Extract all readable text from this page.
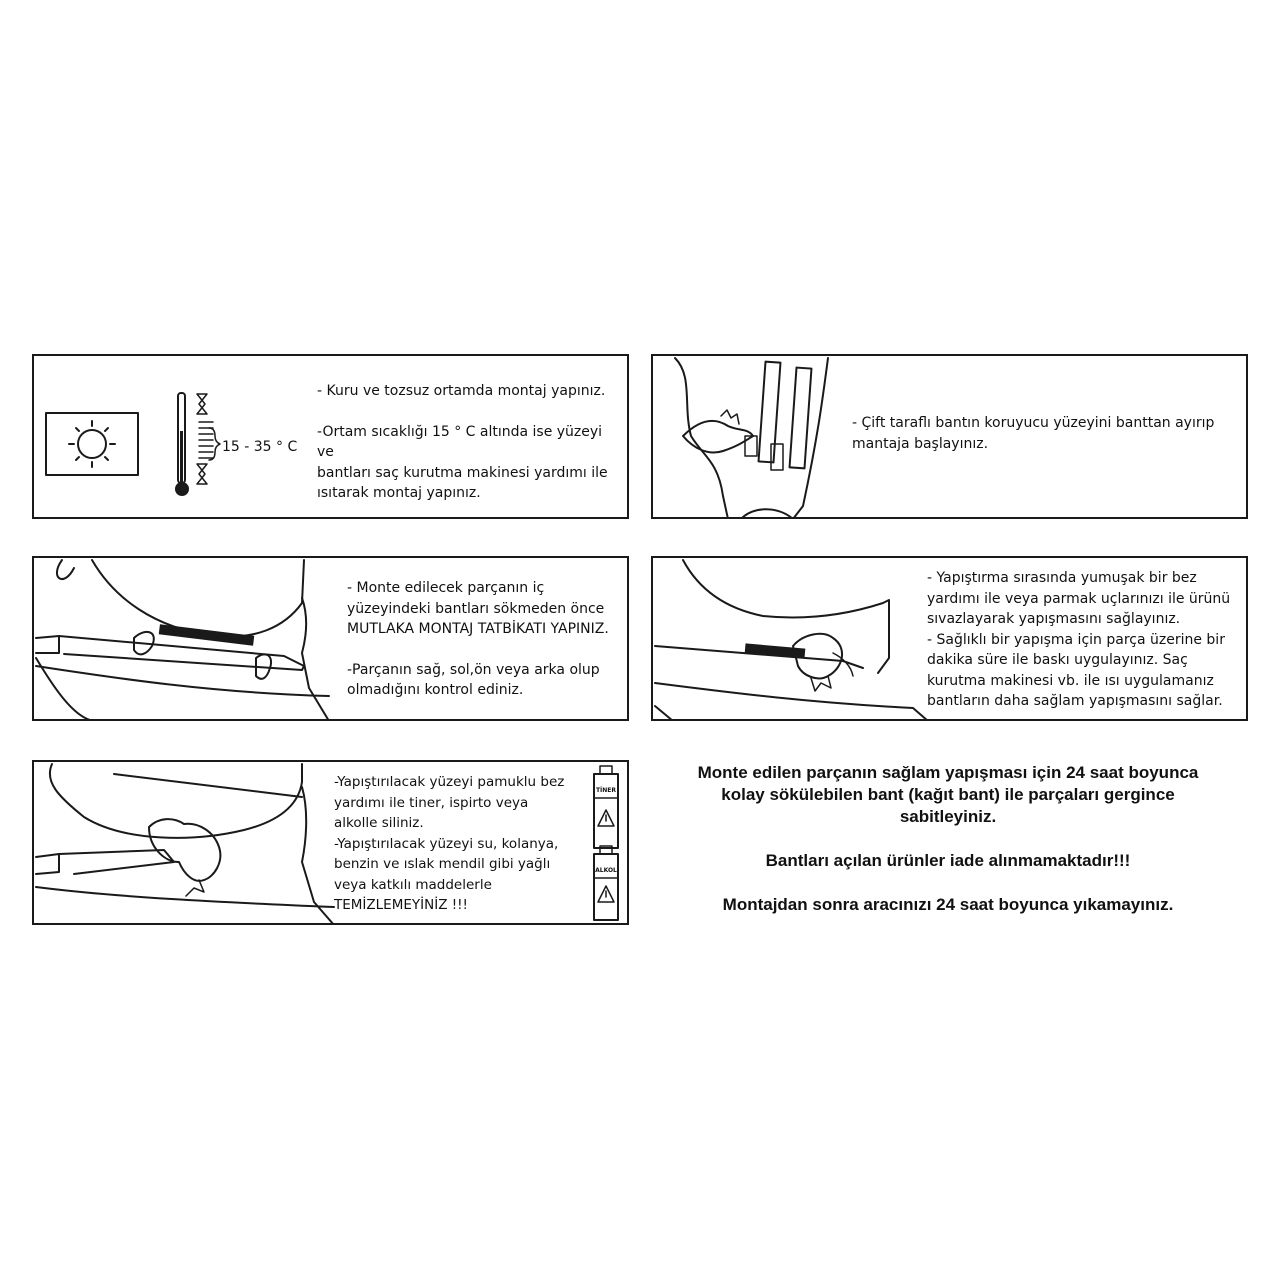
15 - 35 ° C

- Kuru ve tozsuz ortamda montaj yapınız.

-Ortam sıcaklığı 15 ° C altında ise yüzeyi ve

bantları saç kurutma makinesi yardımı ile

ısıtarak montaj yapınız.

- Çift taraflı bantın koruyucu yüzeyini banttan ayırıp

mantaja başlayınız.

- Monte edilecek parçanın iç

yüzeyindeki bantları sökmeden önce

MUTLAKA MONTAJ TATBİKATI YAPINIZ.

-Parçanın sağ, sol,ön veya arka olup

olmadığını kontrol ediniz.

- Yapıştırma sırasında yumuşak bir bez

yardımı ile veya parmak uçlarınızı ile ürünü

sıvazlayarak yapışmasını sağlayınız.

- Sağlıklı bir yapışma için parça üzerine bir

dakika süre ile baskı uygulayınız. Saç

kurutma makinesi vb. ile ısı uygulamanız

bantların daha sağlam yapışmasını sağlar.

TİNER
ALKOL

-Yapıştırılacak yüzeyi pamuklu bez

yardımı ile tiner, ispirto veya

alkolle siliniz.

-Yapıştırılacak yüzeyi su, kolanya,

benzin ve ıslak mendil gibi yağlı

veya katkılı maddelerle

TEMİZLEMEYİNİZ !!!

Monte edilen parçanın sağlam yapışması için 24 saat boyunca

kolay sökülebilen bant (kağıt bant) ile parçaları gergince

sabitleyiniz.

Bantları açılan ürünler iade alınmamaktadır!!!

Montajdan sonra aracınızı 24 saat boyunca yıkamayınız.
